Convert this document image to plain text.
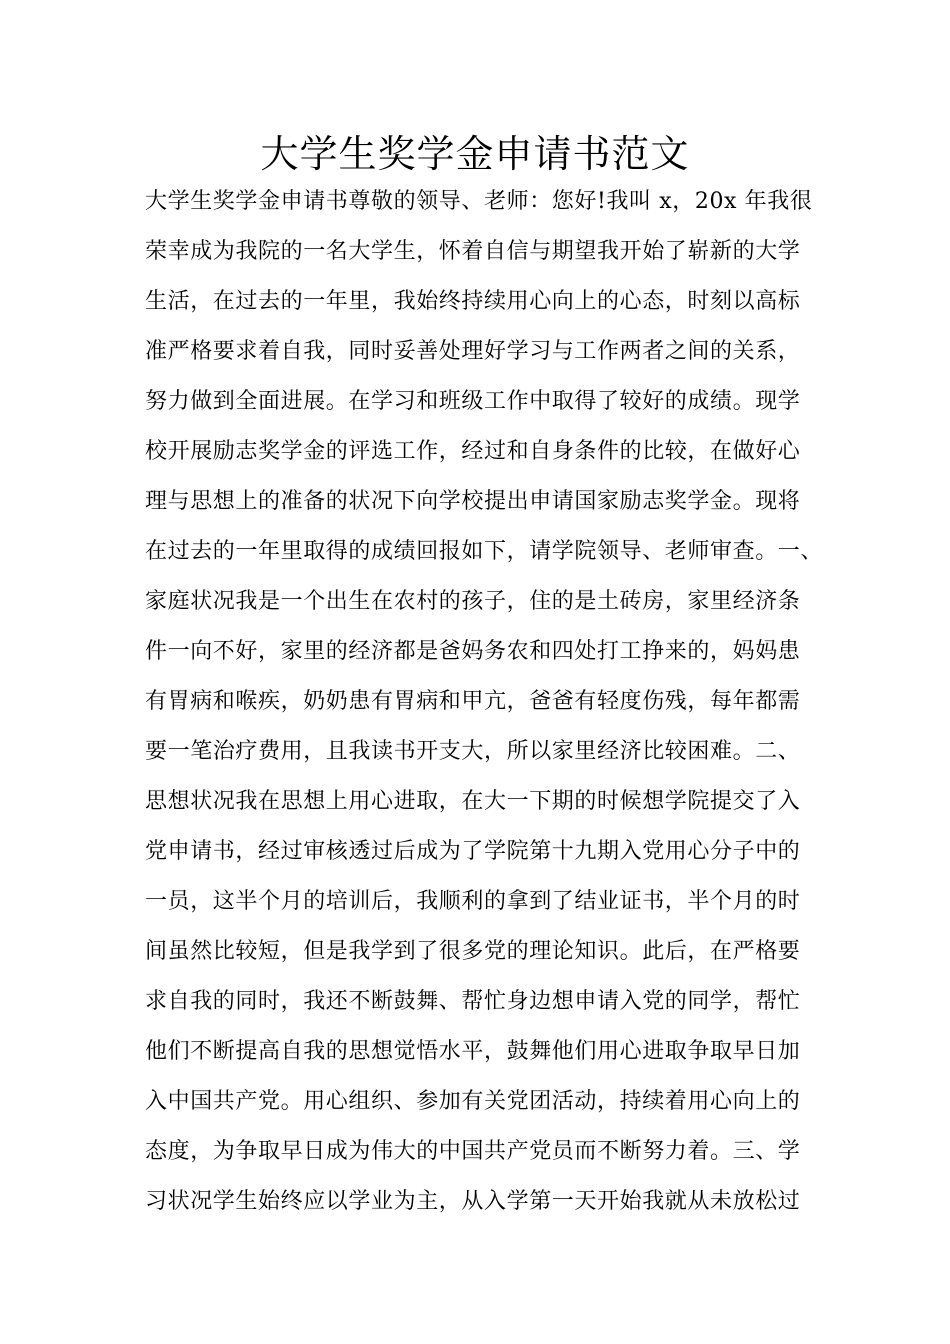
大学生奖学金申请书范文
大学生奖学金申请书尊敬的领导、老师：您好!我叫 x，20x 年我很
荣幸成为我院的一名大学生，怀着自信与期望我开始了崭新的大学
生活，在过去的一年里，我始终持续用心向上的心态，时刻以高标
准严格要求着自我，同时妥善处理好学习与工作两者之间的关系，
努力做到全面进展。在学习和班级工作中取得了较好的成绩。现学
校开展励志奖学金的评选工作，经过和自身条件的比较，在做好心
理与思想上的准备的状况下向学校提出申请国家励志奖学金。现将
在过去的一年里取得的成绩回报如下，请学院领导、老师审查。一、
家庭状况我是一个出生在农村的孩子，住的是土砖房，家里经济条
件一向不好，家里的经济都是爸妈务农和四处打工挣来的，妈妈患
有胃病和喉疾，奶奶患有胃病和甲亢，爸爸有轻度伤残，每年都需
要一笔治疗费用，且我读书开支大，所以家里经济比较困难。二、
思想状况我在思想上用心进取，在大一下期的时候想学院提交了入
党申请书，经过审核透过后成为了学院第十九期入党用心分子中的
一员，这半个月的培训后，我顺利的拿到了结业证书，半个月的时
间虽然比较短，但是我学到了很多党的理论知识。此后，在严格要
求自我的同时，我还不断鼓舞、帮忙身边想申请入党的同学，帮忙
他们不断提高自我的思想觉悟水平，鼓舞他们用心进取争取早日加
入中国共产党。用心组织、参加有关党团活动，持续着用心向上的
态度，为争取早日成为伟大的中国共产党员而不断努力着。三、学
习状况学生始终应以学业为主，从入学第一天开始我就从未放松过
